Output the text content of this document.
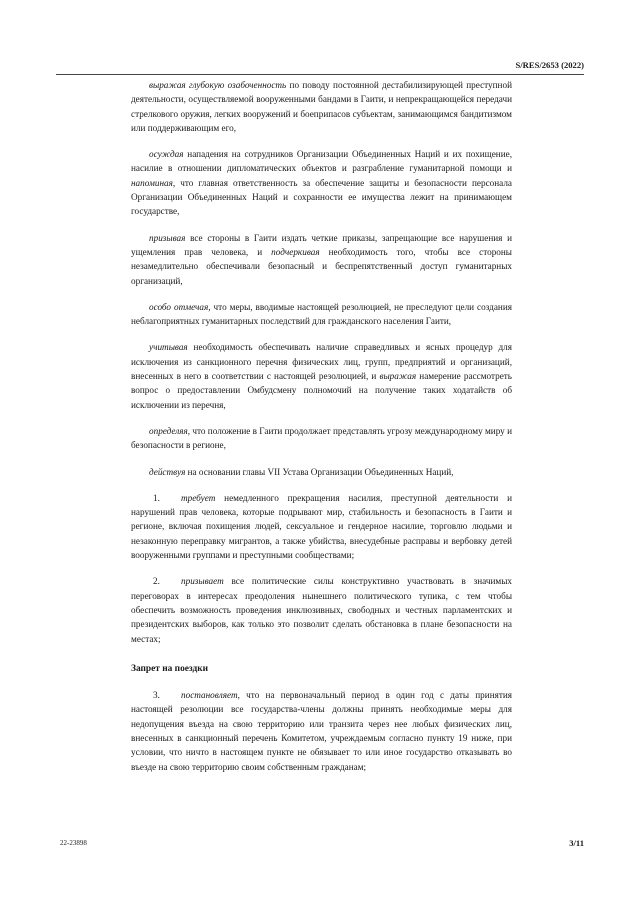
S/RES/2653 (2022)

выражая глубокую озабоченность по поводу постоянной дестабилизирующей преступной деятельности, осуществляемой вооруженными бандами в Гаити, и непрекращающейся передачи стрелкового оружия, легких вооружений и боеприпасов субъектам, занимающимся бандитизмом или поддерживающим его,

осуждая нападения на сотрудников Организации Объединенных Наций и их похищение, насилие в отношении дипломатических объектов и разграбление гуманитарной помощи и напоминая, что главная ответственность за обеспечение защиты и безопасности персонала Организации Объединенных Наций и сохранности ее имущества лежит на принимающем государстве,

призывая все стороны в Гаити издать четкие приказы, запрещающие все нарушения и ущемления прав человека, и подчеркивая необходимость того, чтобы все стороны незамедлительно обеспечивали безопасный и беспрепятственный доступ гуманитарных организаций,

особо отмечая, что меры, вводимые настоящей резолюцией, не преследуют цели создания неблагоприятных гуманитарных последствий для гражданского населения Гаити,

учитывая необходимость обеспечивать наличие справедливых и ясных процедур для исключения из санкционного перечня физических лиц, групп, предприятий и организаций, внесенных в него в соответствии с настоящей резолюцией, и выражая намерение рассмотреть вопрос о предоставлении Омбудсмену полномочий на получение таких ходатайств об исключении из перечня,

определяя, что положение в Гаити продолжает представлять угрозу международному миру и безопасности в регионе,

действуя на основании главы VII Устава Организации Объединенных Наций,

1. требует немедленного прекращения насилия, преступной деятельности и нарушений прав человека, которые подрывают мир, стабильность и безопасность в Гаити и регионе, включая похищения людей, сексуальное и гендерное насилие, торговлю людьми и незаконную переправку мигрантов, а также убийства, внесудебные расправы и вербовку детей вооруженными группами и преступными сообществами;

2. призывает все политические силы конструктивно участвовать в значимых переговорах в интересах преодоления нынешнего политического тупика, с тем чтобы обеспечить возможность проведения инклюзивных, свободных и честных парламентских и президентских выборов, как только это позволит сделать обстановка в плане безопасности на местах;

Запрет на поездки

3. постановляет, что на первоначальный период в один год с даты принятия настоящей резолюции все государства-члены должны принять необходимые меры для недопущения въезда на свою территорию или транзита через нее любых физических лиц, внесенных в санкционный перечень Комитетом, учреждаемым согласно пункту 19 ниже, при условии, что ничто в настоящем пункте не обязывает то или иное государство отказывать во въезде на свою территорию своим собственным гражданам;

22-23898	3/11
